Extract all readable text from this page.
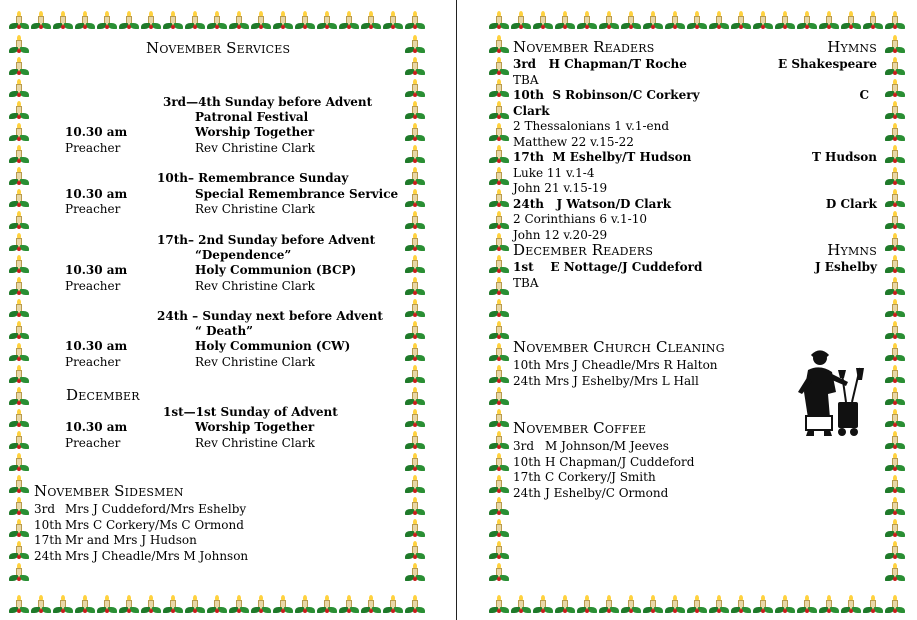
November Services
3rd—4th Sunday before Advent
Patronal Festival
10.30 am	Worship Together
Preacher	Rev Christine Clark
10th– Remembrance Sunday
10.30 am	Special Remembrance Service
Preacher	Rev Christine Clark
17th– 2nd Sunday before Advent
“Dependence”
10.30 am	Holy Communion (BCP)
Preacher	Rev Christine Clark
24th – Sunday next before Advent
“ Death”
10.30 am	Holy Communion (CW)
Preacher	Rev Christine Clark
December
1st—1st Sunday of Advent
10.30 am	Worship Together
Preacher	Rev Christine Clark
November Sidesmen
3rd Mrs J Cuddeford/Mrs Eshelby
10th Mrs C Corkery/Ms C Ormond
17th Mr and Mrs J Hudson
24th Mrs J Cheadle/Mrs M Johnson
November Readers	Hymns
3rd H Chapman/T Roche	E Shakespeare
TBA
10th S Robinson/C Corkery	C
Clark
2 Thessalonians 1 v.1-end
Matthew 22 v.15-22
17th M Eshelby/T Hudson	T Hudson
Luke 11 v.1-4
John 21 v.15-19
24th J Watson/D Clark	D Clark
2 Corinthians 6 v.1-10
John 12 v.20-29
December Readers	Hymns
1st E Nottage/J Cuddeford	J Eshelby
TBA
November Church Cleaning
10th Mrs J Cheadle/Mrs R Halton
24th Mrs J Eshelby/Mrs L Hall
November Coffee
3rd M Johnson/M Jeeves
10th H Chapman/J Cuddeford
17th C Corkery/J Smith
24th J Eshelby/C Ormond
